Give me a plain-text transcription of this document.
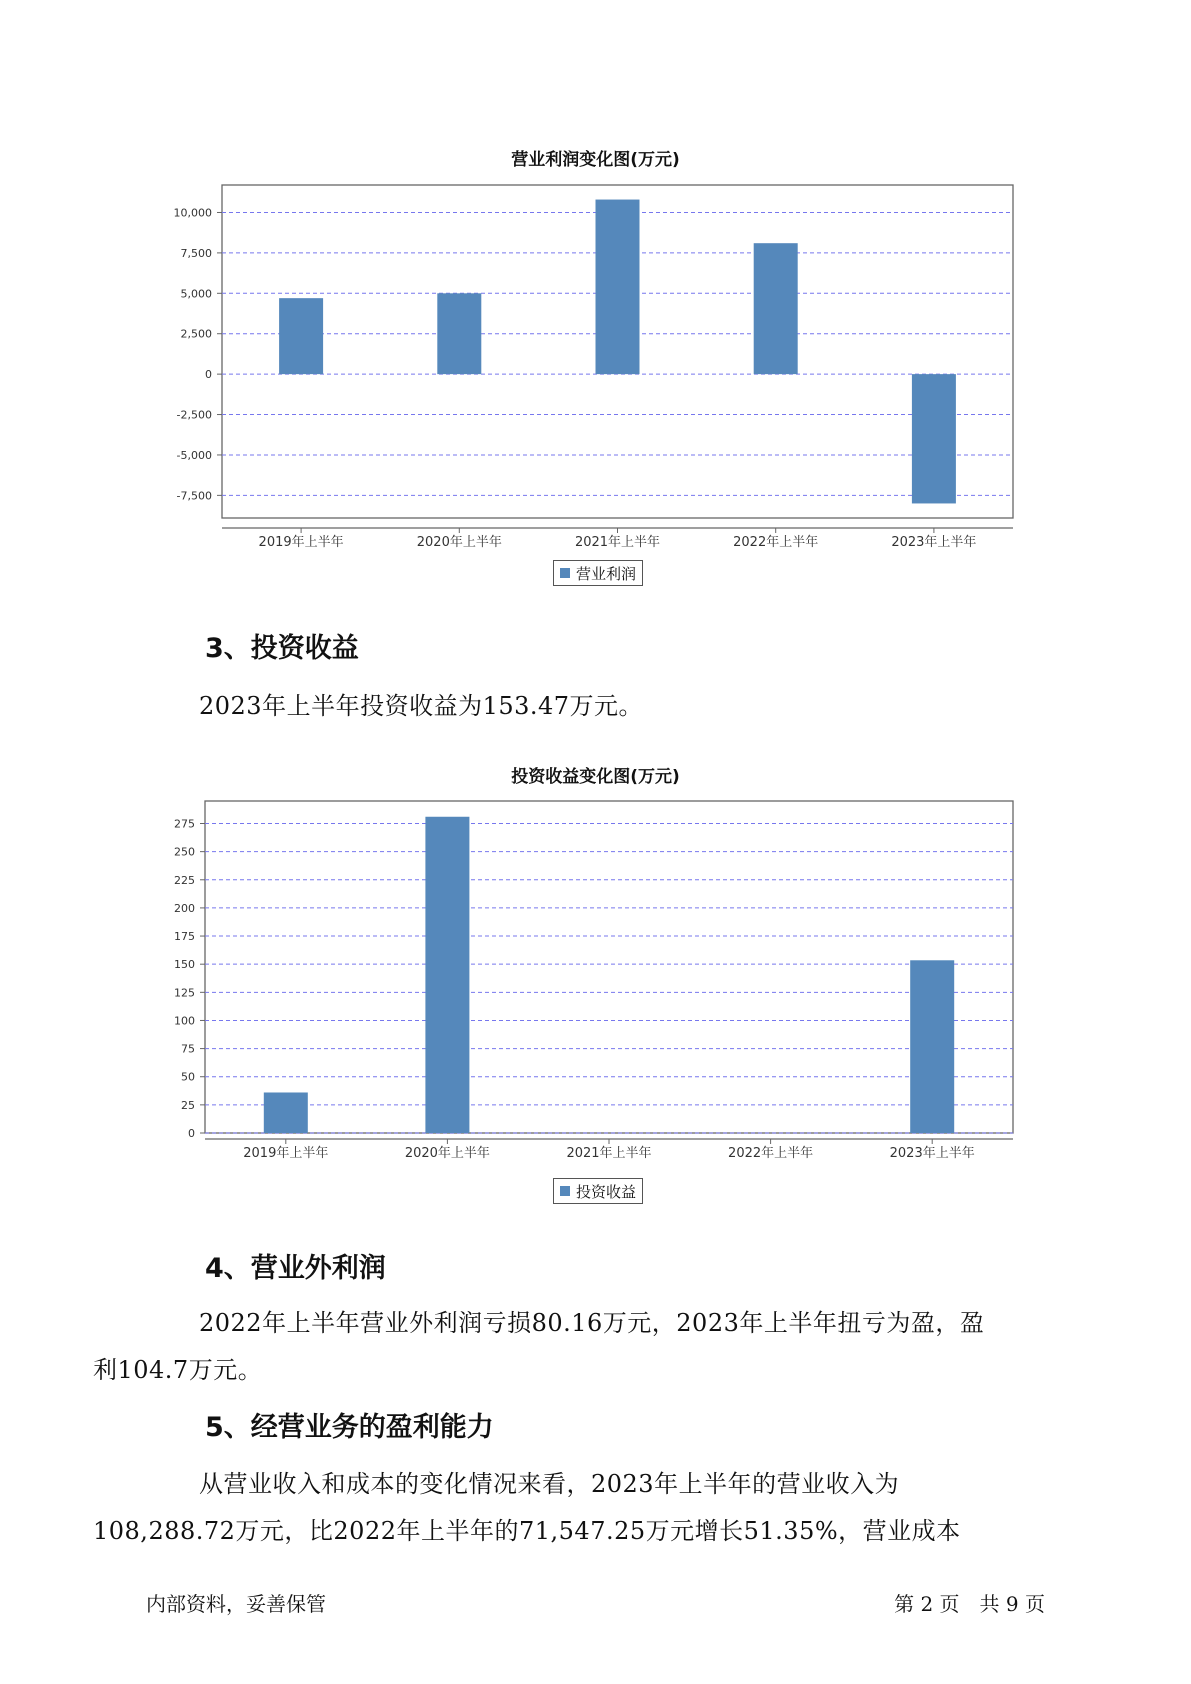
营业利润变化图(万元)
10,000
7,500
5,000
2,500
0
-2,500
-5,000
-7,500
2019年上半年	2020年上半年	2021年上半年	2022年上半年	2023年上半年
营业利润
3、投资收益
2023年上半年投资收益为153.47万元。
投资收益变化图(万元)
275
250
225
200
175
150
125
100
75
50
25
0
2019年上半年	2020年上半年	2021年上半年	2022年上半年	2023年上半年
投资收益
4、营业外利润
2022年上半年营业外利润亏损80.16万元，2023年上半年扭亏为盈，盈
利104.7万元。
5、经营业务的盈利能力
从营业收入和成本的变化情况来看，2023年上半年的营业收入为
108,288.72万元，比2022年上半年的71,547.25万元增长51.35%，营业成本
内部资料，妥善保管	第 2 页　共 9 页
